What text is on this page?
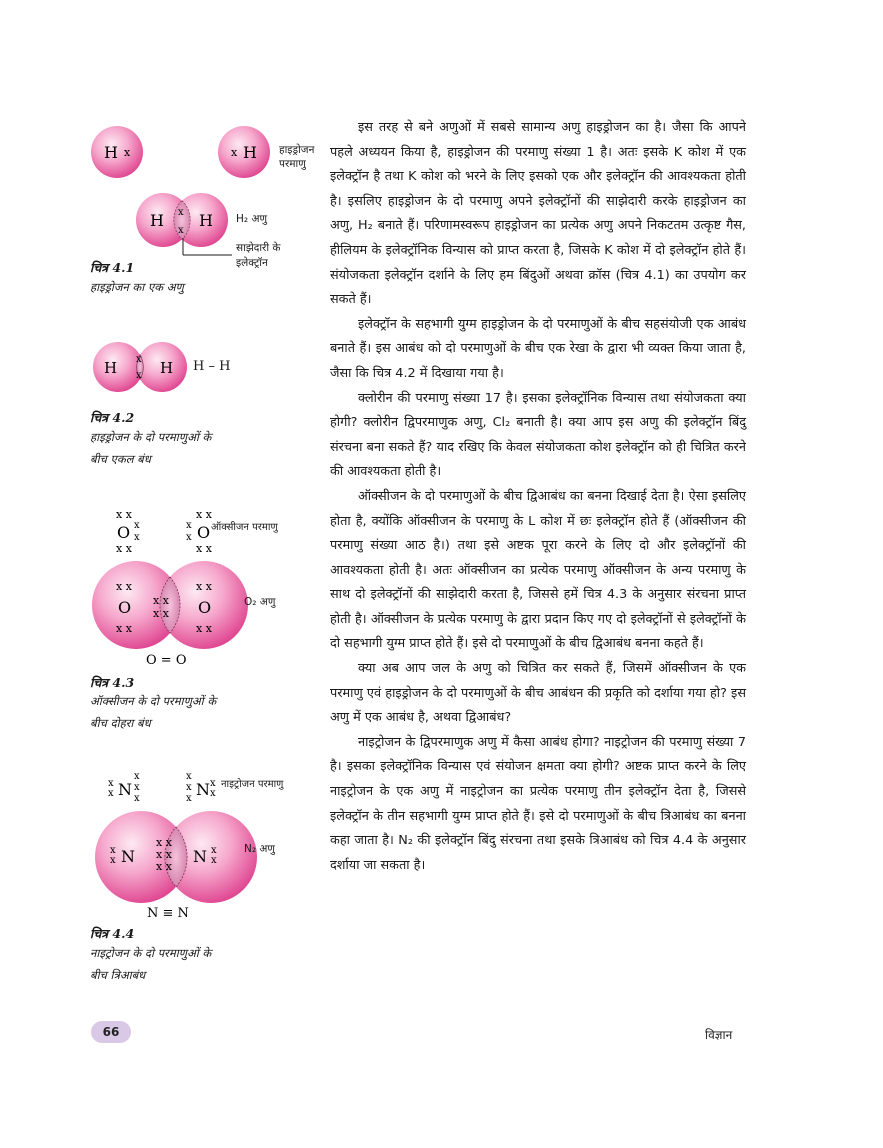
H x	x H
H H
x
x
H	H
x
x
x x
O x
x
x x
x x
x
x O
x x
x x
O
x x
x x
O
x x
x x
x x
O = O
x
x N
x
x
x
x
x
x N x
x
x
x N	N x
x
x x
x x
x x
N ≡ N
हाइड्रोजन परमाणु
H₂ अणु
साझेदारी के इलेक्ट्रॉन
चित्र 4.1
हाइड्रोजन का एक अणु
H – H
चित्र 4.2
हाइड्रोजन के दो परमाणुओं के
बीच एकल बंध
ऑक्सीजन परमाणु
O₂ अणु
चित्र 4.3
ऑक्सीजन के दो परमाणुओं के
बीच दोहरा बंध
नाइट्रोजन परमाणु
N₂ अणु
चित्र 4.4
नाइट्रोजन के दो परमाणुओं के
बीच त्रिआबंध

इस तरह से बने अणुओं में सबसे सामान्य अणु हाइड्रोजन का है। जैसा कि आपने पहले अध्ययन किया है, हाइड्रोजन की परमाणु संख्या 1 है। अतः इसके K कोश में एक इलेक्ट्रॉन है तथा K कोश को भरने के लिए इसको एक और इलेक्ट्रॉन की आवश्यकता होती है। इसलिए हाइड्रोजन के दो परमाणु अपने इलेक्ट्रॉनों की साझेदारी करके हाइड्रोजन का अणु, H₂ बनाते हैं। परिणामस्वरूप हाइड्रोजन का प्रत्येक अणु अपने निकटतम उत्कृष्ट गैस, हीलियम के इलेक्ट्रॉनिक विन्यास को प्राप्त करता है, जिसके K कोश में दो इलेक्ट्रॉन होते हैं। संयोजकता इलेक्ट्रॉन दर्शाने के लिए हम बिंदुओं अथवा क्रॉस (चित्र 4.1) का उपयोग कर सकते हैं।

इलेक्ट्रॉन के सहभागी युग्म हाइड्रोजन के दो परमाणुओं के बीच सहसंयोजी एक आबंध बनाते हैं। इस आबंध को दो परमाणुओं के बीच एक रेखा के द्वारा भी व्यक्त किया जाता है, जैसा कि चित्र 4.2 में दिखाया गया है।

क्लोरीन की परमाणु संख्या 17 है। इसका इलेक्ट्रॉनिक विन्यास तथा संयोजकता क्या होगी? क्लोरीन द्विपरमाणुक अणु, Cl₂ बनाती है। क्या आप इस अणु की इलेक्ट्रॉन बिंदु संरचना बना सकते हैं? याद रखिए कि केवल संयोजकता कोश इलेक्ट्रॉन को ही चित्रित करने की आवश्यकता होती है।

ऑक्सीजन के दो परमाणुओं के बीच द्विआबंध का बनना दिखाई देता है। ऐसा इसलिए होता है, क्योंकि ऑक्सीजन के परमाणु के L कोश में छः इलेक्ट्रॉन होते हैं (ऑक्सीजन की परमाणु संख्या आठ है।) तथा इसे अष्टक पूरा करने के लिए दो और इलेक्ट्रॉनों की आवश्यकता होती है। अतः ऑक्सीजन का प्रत्येक परमाणु ऑक्सीजन के अन्य परमाणु के साथ दो इलेक्ट्रॉनों की साझेदारी करता है, जिससे हमें चित्र 4.3 के अनुसार संरचना प्राप्त होती है। ऑक्सीजन के प्रत्येक परमाणु के द्वारा प्रदान किए गए दो इलेक्ट्रॉनों से इलेक्ट्रॉनों के दो सहभागी युग्म प्राप्त होते हैं। इसे दो परमाणुओं के बीच द्विआबंध बनना कहते हैं।

क्या अब आप जल के अणु को चित्रित कर सकते हैं, जिसमें ऑक्सीजन के एक परमाणु एवं हाइड्रोजन के दो परमाणुओं के बीच आबंधन की प्रकृति को दर्शाया गया हो? इस अणु में एक आबंध है, अथवा द्विआबंध?

नाइट्रोजन के द्विपरमाणुक अणु में कैसा आबंध होगा? नाइट्रोजन की परमाणु संख्या 7 है। इसका इलेक्ट्रॉनिक विन्यास एवं संयोजन क्षमता क्या होगी? अष्टक प्राप्त करने के लिए नाइट्रोजन के एक अणु में नाइट्रोजन का प्रत्येक परमाणु तीन इलेक्ट्रॉन देता है, जिससे इलेक्ट्रॉन के तीन सहभागी युग्म प्राप्त होते हैं। इसे दो परमाणुओं के बीच त्रिआबंध का बनना कहा जाता है। N₂ की इलेक्ट्रॉन बिंदु संरचना तथा इसके त्रिआबंध को चित्र 4.4 के अनुसार दर्शाया जा सकता है।

66	विज्ञान
